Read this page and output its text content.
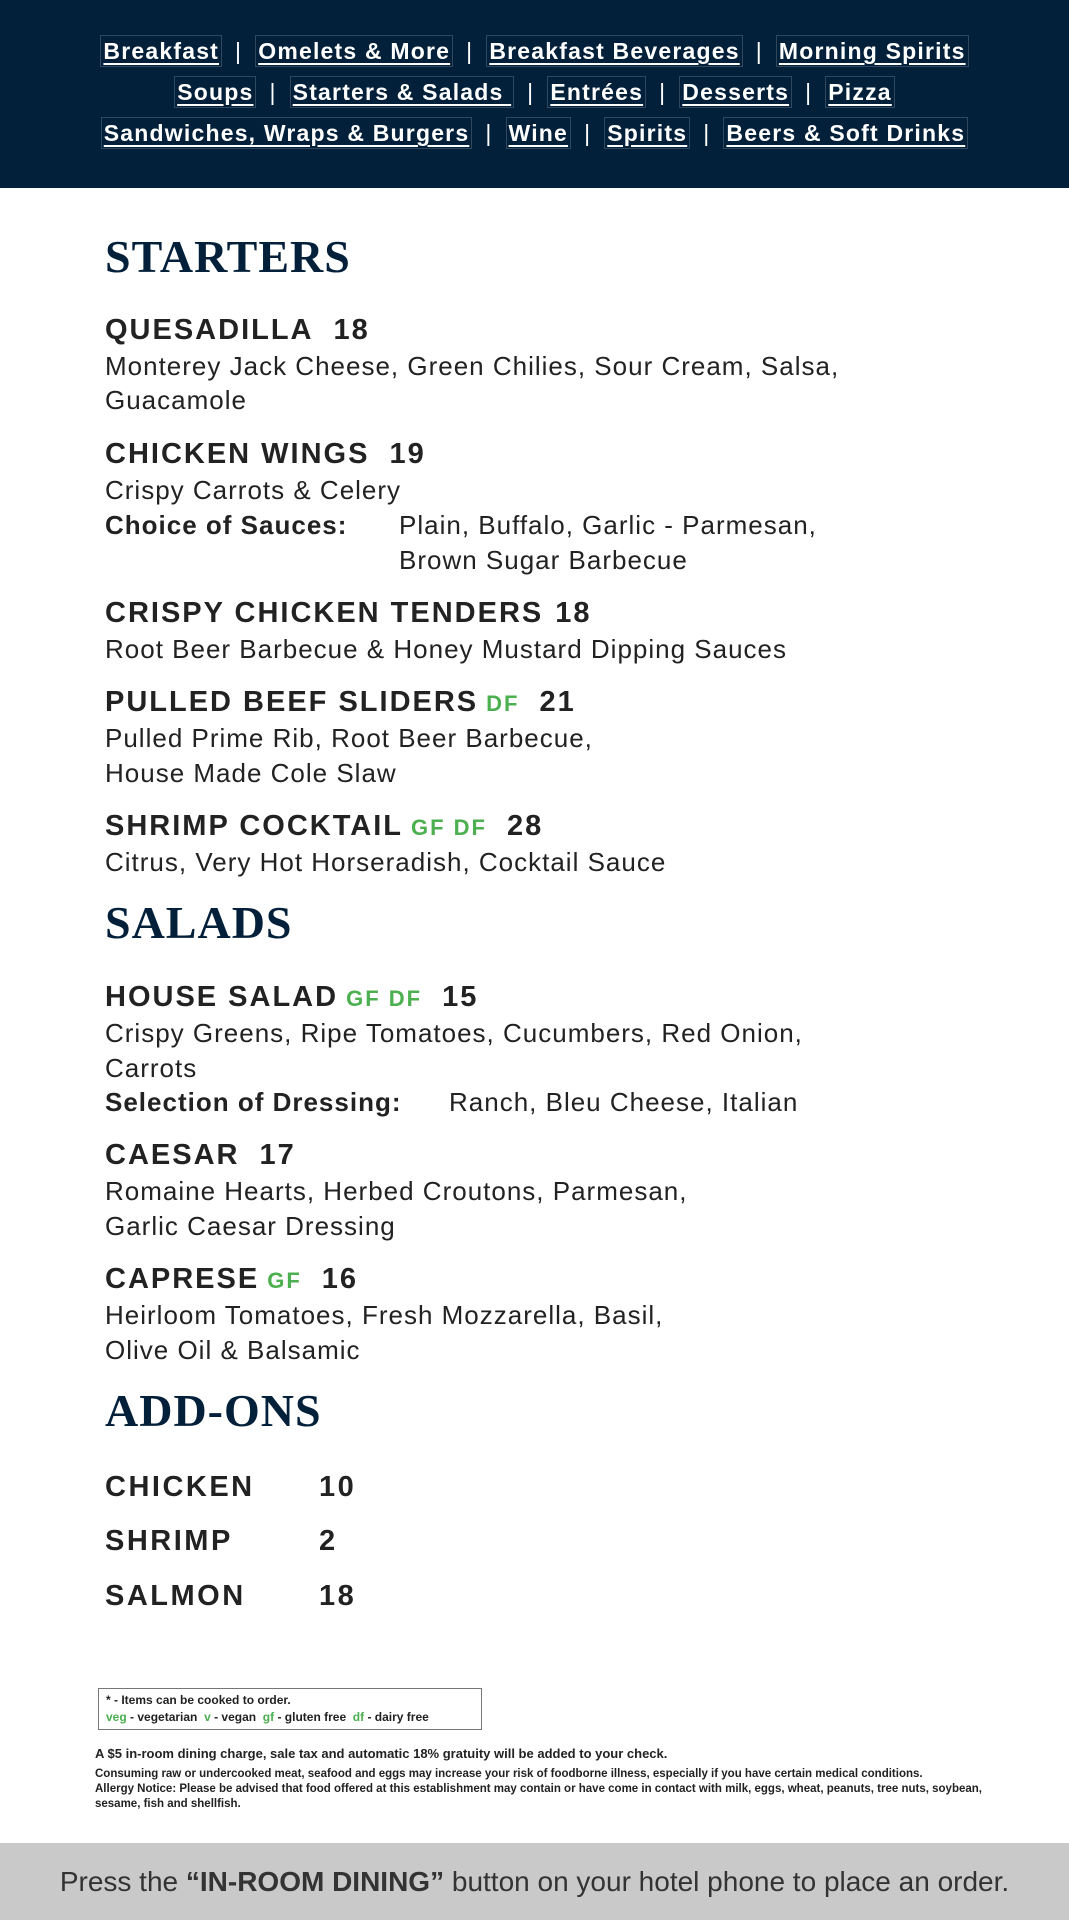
Breakfast | Omelets & More | Breakfast Beverages | Morning Spirits
Soups | Starters & Salads | Entrées | Desserts | Pizza
Sandwiches, Wraps & Burgers | Wine | Spirits | Beers & Soft Drinks
STARTERS
QUESADILLA 18
Monterey Jack Cheese, Green Chilies, Sour Cream, Salsa,
Guacamole
CHICKEN WINGS 19
Crispy Carrots & Celery
Choice of Sauces: Plain, Buffalo, Garlic - Parmesan,
Brown Sugar Barbecue
CRISPY CHICKEN TENDERS 18
Root Beer Barbecue & Honey Mustard Dipping Sauces
PULLED BEEF SLIDERS DF 21
Pulled Prime Rib, Root Beer Barbecue,
House Made Cole Slaw
SHRIMP COCKTAIL GF DF 28
Citrus, Very Hot Horseradish, Cocktail Sauce
SALADS
HOUSE SALAD GF DF 15
Crispy Greens, Ripe Tomatoes, Cucumbers, Red Onion,
Carrots
Selection of Dressing: Ranch, Bleu Cheese, Italian
CAESAR 17
Romaine Hearts, Herbed Croutons, Parmesan,
Garlic Caesar Dressing
CAPRESE GF 16
Heirloom Tomatoes, Fresh Mozzarella, Basil,
Olive Oil & Balsamic
ADD-ONS
CHICKEN 10
SHRIMP	2
SALMON	18
* - Items can be cooked to order.
veg - vegetarian v - vegan gf - gluten free df - dairy free
A $5 in-room dining charge, sale tax and automatic 18% gratuity will be added to your check.
Consuming raw or undercooked meat, seafood and eggs may increase your risk of foodborne illness, especially if you have certain medical conditions.
Allergy Notice: Please be advised that food offered at this establishment may contain or have come in contact with milk, eggs, wheat, peanuts, tree nuts, soybean, sesame, fish and shellfish.
Press the “IN-ROOM DINING” button on your hotel phone to place an order.
